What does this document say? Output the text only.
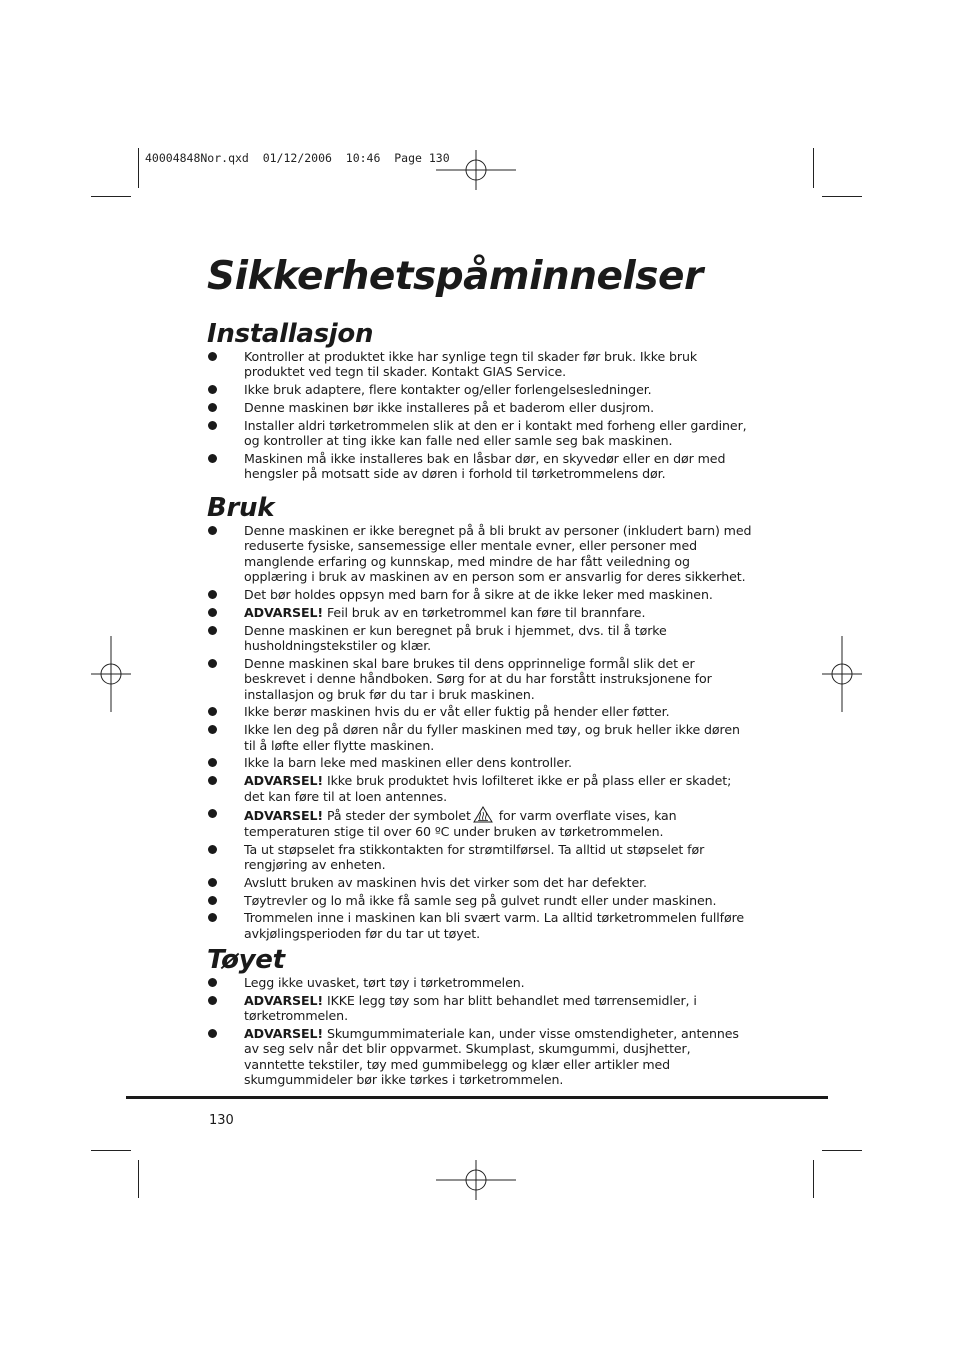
40004848Nor.qxd  01/12/2006  10:46  Page 130
Sikkerhetspåminnelser
Installasjon
Kontroller at produktet ikke har synlige tegn til skader før bruk. Ikke bruk produktet ved tegn til skader. Kontakt GIAS Service.
Ikke bruk adaptere, flere kontakter og/eller forlengelsesledninger.
Denne maskinen bør ikke installeres på et baderom eller dusjrom.
Installer aldri tørketrommelen slik at den er i kontakt med forheng eller gardiner, og kontroller at ting ikke kan falle ned eller samle seg bak maskinen.
Maskinen må ikke installeres bak en låsbar dør, en skyvedør eller en dør med hengsler på motsatt side av døren i forhold til tørketrommelens dør.
Bruk
Denne maskinen er ikke beregnet på å bli brukt av personer (inkludert barn) med reduserte fysiske, sansemessige eller mentale evner, eller personer med manglende erfaring og kunnskap, med mindre de har fått veiledning og opplæring i bruk av maskinen av en person som er ansvarlig for deres sikkerhet.
Det bør holdes oppsyn med barn for å sikre at de ikke leker med maskinen.
ADVARSEL! Feil bruk av en tørketrommel kan føre til brannfare.
Denne maskinen er kun beregnet på bruk i hjemmet, dvs. til å tørke husholdningstekstiler og klær.
Denne maskinen skal bare brukes til dens opprinnelige formål slik det er beskrevet i denne håndboken. Sørg for at du har forstått instruksjonene for installasjon og bruk før du tar i bruk maskinen.
Ikke berør maskinen hvis du er våt eller fuktig på hender eller føtter.
Ikke len deg på døren når du fyller maskinen med tøy, og bruk heller ikke døren til å løfte eller flytte maskinen.
Ikke la barn leke med maskinen eller dens kontroller.
ADVARSEL! Ikke bruk produktet hvis lofilteret ikke er på plass eller er skadet; det kan føre til at loen antennes.
ADVARSEL! På steder der symbolet for varm overflate vises, kan temperaturen stige til over 60 ºC under bruken av tørketrommelen.
Ta ut støpselet fra stikkontakten for strømtilførsel. Ta alltid ut støpselet før rengjøring av enheten.
Avslutt bruken av maskinen hvis det virker som det har defekter.
Tøytrevler og lo må ikke få samle seg på gulvet rundt eller under maskinen.
Trommelen inne i maskinen kan bli svært varm. La alltid tørketrommelen fullføre avkjølingsperioden før du tar ut tøyet.
Tøyet
Legg ikke uvasket, tørt tøy i tørketrommelen.
ADVARSEL! IKKE legg tøy som har blitt behandlet med tørrensemidler, i tørketrommelen.
ADVARSEL! Skumgummimateriale kan, under visse omstendigheter, antennes av seg selv når det blir oppvarmet. Skumplast, skumgummi, dusjhetter, vanntette tekstiler, tøy med gummibelegg og klær eller artikler med skumgummideler bør ikke tørkes i tørketrommelen.
130
